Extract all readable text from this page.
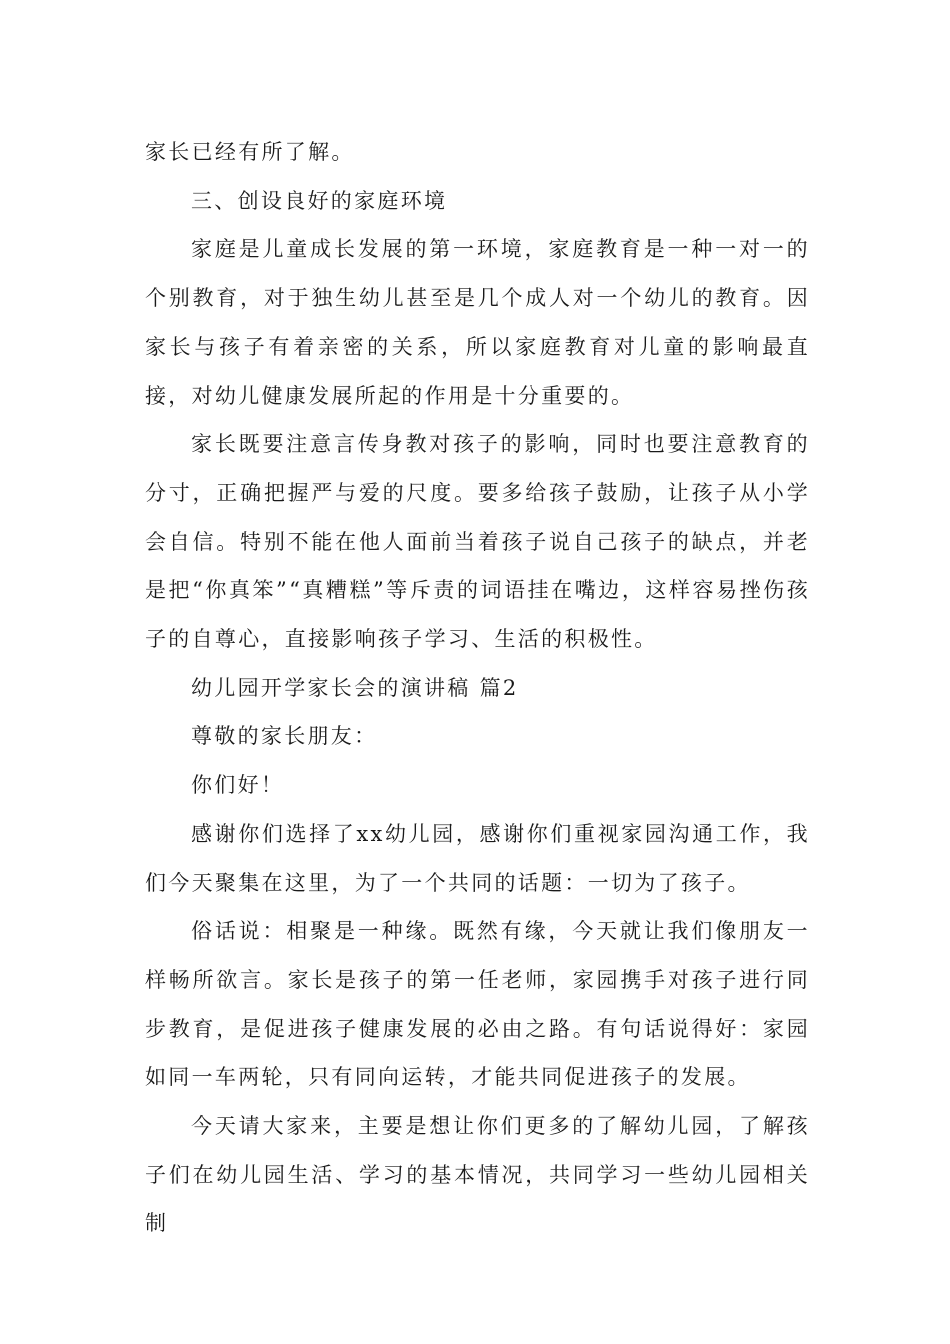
家长已经有所了解。

三、创设良好的家庭环境

家庭是儿童成长发展的第一环境，家庭教育是一种一对一的个别教育，对于独生幼儿甚至是几个成人对一个幼儿的教育。因家长与孩子有着亲密的关系，所以家庭教育对儿童的影响最直接，对幼儿健康发展所起的作用是十分重要的。

家长既要注意言传身教对孩子的影响，同时也要注意教育的分寸，正确把握严与爱的尺度。要多给孩子鼓励，让孩子从小学会自信。特别不能在他人面前当着孩子说自己孩子的缺点，并老是把“你真笨”“真糟糕”等斥责的词语挂在嘴边，这样容易挫伤孩子的自尊心，直接影响孩子学习、生活的积极性。

幼儿园开学家长会的演讲稿 篇2

尊敬的家长朋友：

你们好！

感谢你们选择了xx幼儿园，感谢你们重视家园沟通工作，我们今天聚集在这里，为了一个共同的话题：一切为了孩子。

俗话说：相聚是一种缘。既然有缘，今天就让我们像朋友一样畅所欲言。家长是孩子的第一任老师，家园携手对孩子进行同步教育，是促进孩子健康发展的必由之路。有句话说得好：家园如同一车两轮，只有同向运转，才能共同促进孩子的发展。

今天请大家来，主要是想让你们更多的了解幼儿园，了解孩子们在幼儿园生活、学习的基本情况，共同学习一些幼儿园相关制
